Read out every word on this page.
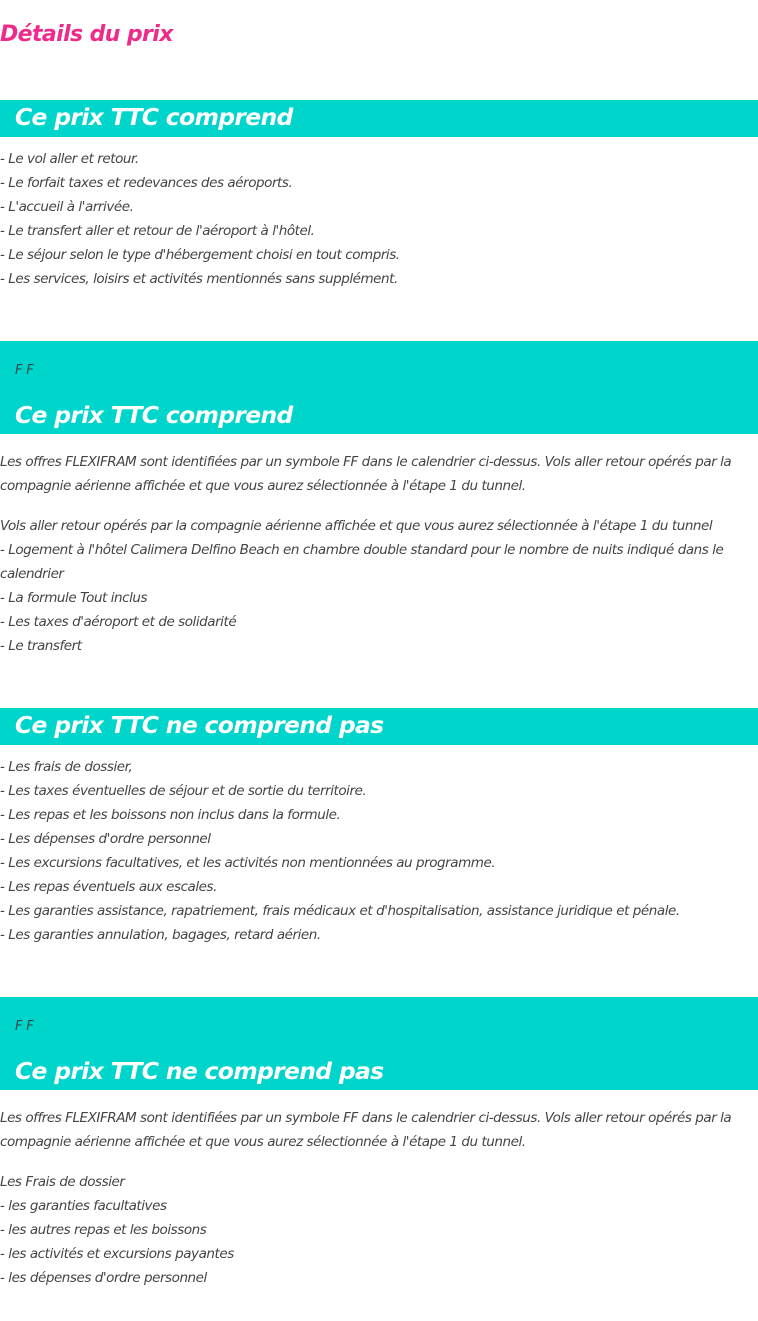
Détails du prix
Ce prix TTC comprend
- Le vol aller et retour.
- Le forfait taxes et redevances des aéroports.
- L'accueil à l'arrivée.
- Le transfert aller et retour de l'aéroport à l'hôtel.
- Le séjour selon le type d'hébergement choisi en tout compris.
- Les services, loisirs et activités mentionnés sans supplément.
F F
Ce prix TTC comprend
Les offres FLEXIFRAM sont identifiées par un symbole FF dans le calendrier ci-dessus. Vols aller retour opérés par la compagnie aérienne affichée et que vous aurez sélectionnée à l'étape 1 du tunnel.
Vols aller retour opérés par la compagnie aérienne affichée et que vous aurez sélectionnée à l'étape 1 du tunnel
- Logement à l'hôtel Calimera Delfino Beach en chambre double standard pour le nombre de nuits indiqué dans le calendrier
- La formule Tout inclus
- Les taxes d'aéroport et de solidarité
- Le transfert
Ce prix TTC ne comprend pas
- Les frais de dossier,
- Les taxes éventuelles de séjour et de sortie du territoire.
- Les repas et les boissons non inclus dans la formule.
- Les dépenses d'ordre personnel
- Les excursions facultatives, et les activités non mentionnées au programme.
- Les repas éventuels aux escales.
- Les garanties assistance, rapatriement, frais médicaux et d'hospitalisation, assistance juridique et pénale.
- Les garanties annulation, bagages, retard aérien.
F F
Ce prix TTC ne comprend pas
Les offres FLEXIFRAM sont identifiées par un symbole FF dans le calendrier ci-dessus. Vols aller retour opérés par la compagnie aérienne affichée et que vous aurez sélectionnée à l'étape 1 du tunnel.
Les Frais de dossier
- les garanties facultatives
- les autres repas et les boissons
- les activités et excursions payantes
- les dépenses d'ordre personnel
